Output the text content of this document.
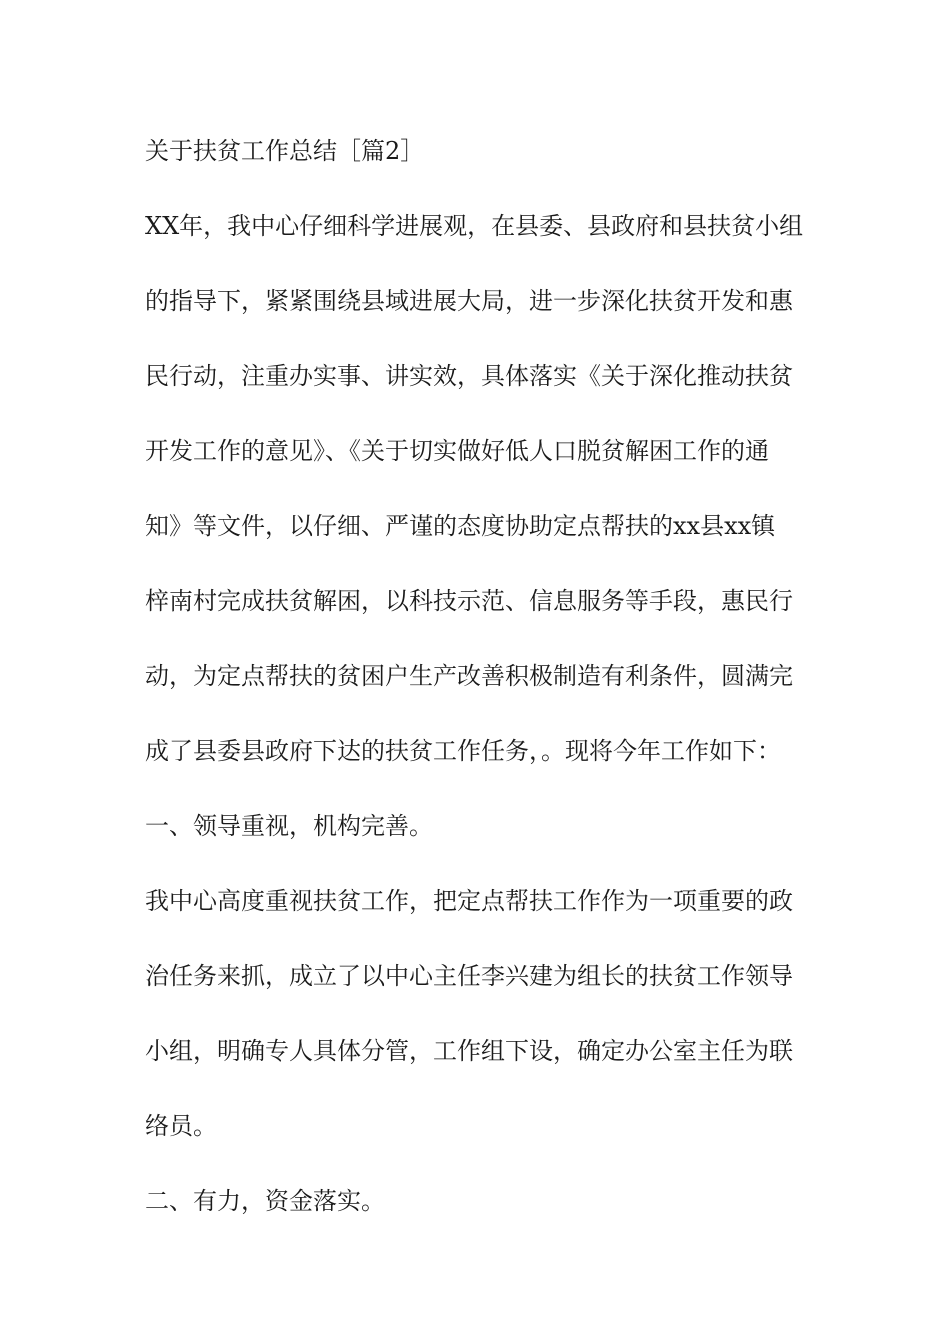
关于扶贫工作总结［篇2］
XX年，我中心仔细科学进展观，在县委、县政府和县扶贫小组
的指导下，紧紧围绕县域进展大局，进一步深化扶贫开发和惠
民行动，注重办实事、讲实效，具体落实《关于深化推动扶贫
开发工作的意见》、《关于切实做好低人口脱贫解困工作的通
知》等文件，以仔细、严谨的态度协助定点帮扶的xx县xx镇
梓南村完成扶贫解困，以科技示范、信息服务等手段，惠民行
动，为定点帮扶的贫困户生产改善积极制造有利条件，圆满完
成了县委县政府下达的扶贫工作任务，。现将今年工作如下：
一、领导重视，机构完善。
我中心高度重视扶贫工作，把定点帮扶工作作为一项重要的政
治任务来抓，成立了以中心主任李兴建为组长的扶贫工作领导
小组，明确专人具体分管，工作组下设，确定办公室主任为联
络员。
二、有力，资金落实。
